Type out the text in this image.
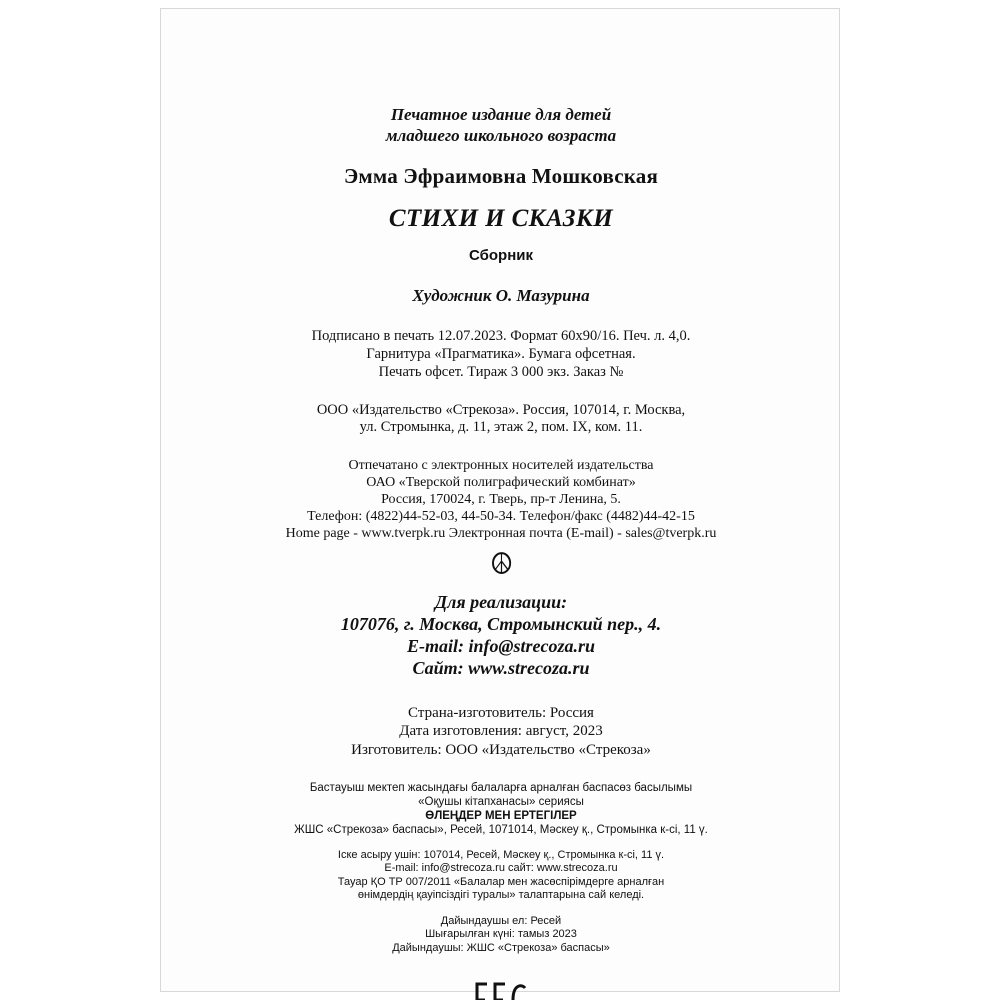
Печатное издание для детей
младшего школьного возраста
Эмма Эфраимовна Мошковская
СТИХИ И СКАЗКИ
Сборник
Художник О. Мазурина
Подписано в печать 12.07.2023. Формат 60х90/16. Печ. л. 4,0.
Гарнитура «Прагматика». Бумага офсетная.
Печать офсет. Тираж 3 000 экз. Заказ №
ООО «Издательство «Стрекоза». Россия, 107014, г. Москва,
ул. Стромынка, д. 11, этаж 2, пом. IX, ком. 11.
Отпечатано с электронных носителей издательства
ОАО «Тверской полиграфический комбинат»
Россия, 170024, г. Тверь, пр-т Ленина, 5.
Телефон: (4822)44-52-03, 44-50-34. Телефон/факс (4482)44-42-15
Home page - www.tverpk.ru Электронная почта (E-mail) - sales@tverpk.ru
☮​
Для реализации:
107076, г. Москва, Стромынский пер., 4.
E-mail: info@strecoza.ru
Сайт: www.strecoza.ru
Страна-изготовитель: Россия
Дата изготовления: август, 2023
Изготовитель: ООО «Издательство «Стрекоза»
Бастауыш мектеп жасындағы балаларға арналған баспасөз басылымы
«Оқушы кітапханасы» сериясы
ӨЛЕҢДЕР МЕН ЕРТЕГІЛЕР
ЖШС «Стрекоза» баспасы», Ресей, 1071014, Мәскеу қ., Стромынка к-сі, 11 ү.
Іске асыру ушін: 107014, Ресей, Мәскеу қ., Стромынка к-сі, 11 ү.
E-mail: info@strecoza.ru сайт: www.strecoza.ru
Тауар ҚО ТР 007/2011 «Балалар мен жасөспірімдерге арналған
өнімдердің қауіпсіздігі туралы» талаптарына сай келеді.
Дайындаушы ел: Ресей
Шығарылған күні: тамыз 2023
Дайындаушы: ЖШС «Стрекоза» баспасы»
